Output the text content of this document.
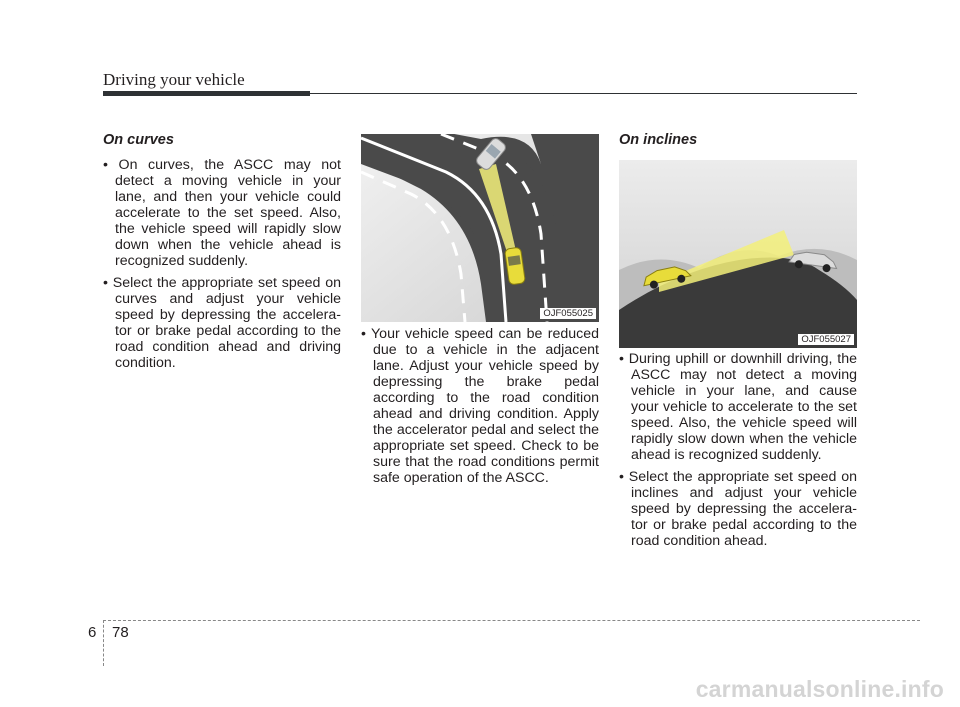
Driving your vehicle
On curves

• On curves, the ASCC may not detect a moving vehicle in your lane, and then your vehicle could accelerate to the set speed. Also, the vehicle speed will rapidly slow down when the vehicle ahead is recognized suddenly.

• Select the appropriate set speed on curves and adjust your vehicle speed by depressing the accelera-tor or brake pedal according to the road condition ahead and driving condition.

OJF055025

• Your vehicle speed can be reduced due to a vehicle in the adjacent lane. Adjust your vehicle speed by depressing the brake pedal according to the road condition ahead and driving condition. Apply the accelerator pedal and select the appropriate set speed. Check to be sure that the road conditions permit safe operation of the ASCC.

On inclines

• During uphill or downhill driving, the ASCC may not detect a moving vehicle in your lane, and cause your vehicle to accelerate to the set speed. Also, the vehicle speed will rapidly slow down when the vehicle ahead is recognized suddenly.

• Select the appropriate set speed on inclines and adjust your vehicle speed by depressing the accelera-tor or brake pedal according to the road condition ahead.

OJF055027
6 78
carmanualsonline.info
